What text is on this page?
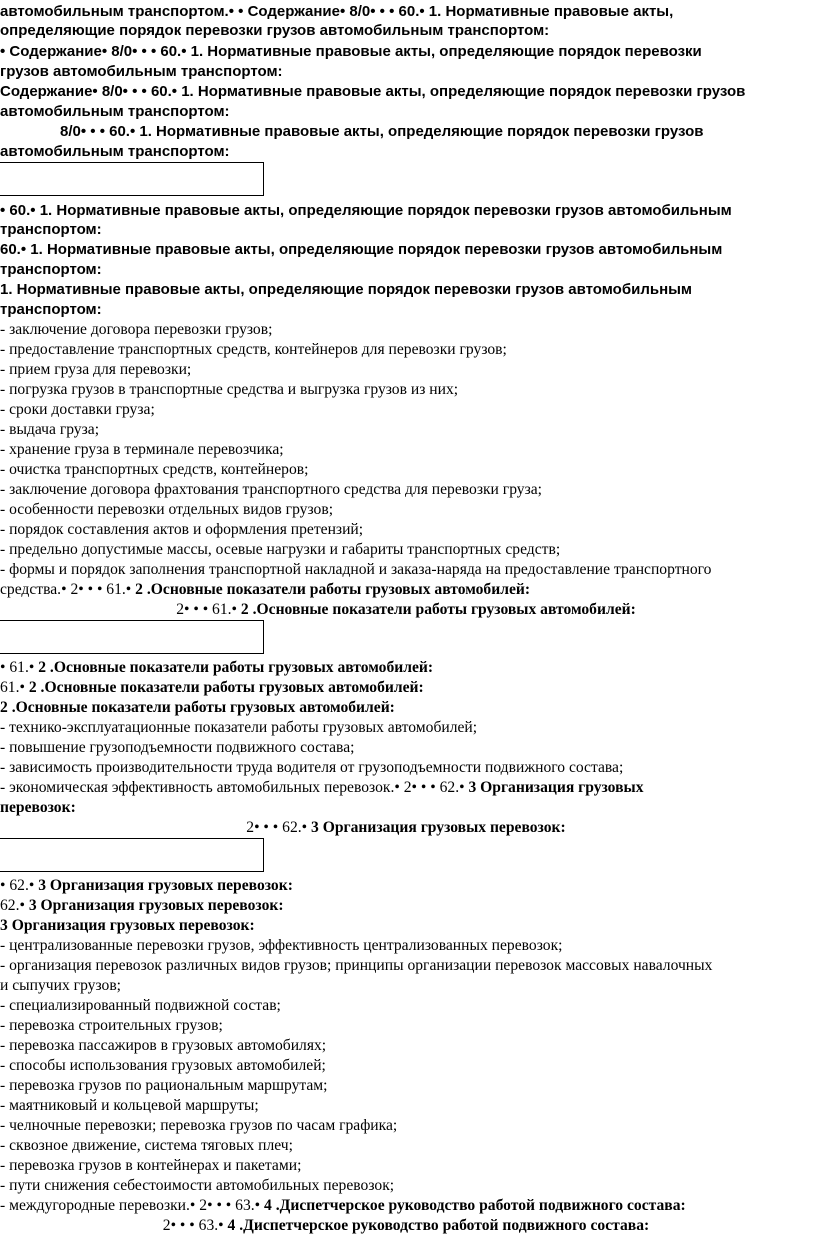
автомобильным транспортом.• • Содержание• 8/0• • • 60.• 1. Нормативные правовые акты,
определяющие порядок перевозки грузов автомобильным транспортом:
• Содержание• 8/0• • • 60.• 1. Нормативные правовые акты, определяющие порядок перевозки
грузов автомобильным транспортом:
Содержание• 8/0• • • 60.• 1. Нормативные правовые акты, определяющие порядок перевозки грузов
автомобильным транспортом:
8/0• • • 60.• 1. Нормативные правовые акты, определяющие порядок перевозки грузов
автомобильным транспортом:
• 60.• 1. Нормативные правовые акты, определяющие порядок перевозки грузов автомобильным
транспортом:
60.• 1. Нормативные правовые акты, определяющие порядок перевозки грузов автомобильным
транспортом:
1. Нормативные правовые акты, определяющие порядок перевозки грузов автомобильным
транспортом:
- заключение договора перевозки грузов;
- предоставление транспортных средств, контейнеров для перевозки грузов;
- прием груза для перевозки;
- погрузка грузов в транспортные средства и выгрузка грузов из них;
- сроки доставки груза;
- выдача груза;
- хранение груза в терминале перевозчика;
- очистка транспортных средств, контейнеров;
- заключение договора фрахтования транспортного средства для перевозки груза;
- особенности перевозки отдельных видов грузов;
- порядок составления актов и оформления претензий;
- предельно допустимые массы, осевые нагрузки и габариты транспортных средств;
- формы и порядок заполнения транспортной накладной и заказа-наряда на предоставление транспортного
средства.• 2• • • 61.• 2 .Основные показатели работы грузовых автомобилей:
2• • • 61.• 2 .Основные показатели работы грузовых автомобилей:
• 61.• 2 .Основные показатели работы грузовых автомобилей:
61.• 2 .Основные показатели работы грузовых автомобилей:
2 .Основные показатели работы грузовых автомобилей:
- технико-эксплуатационные показатели работы грузовых автомобилей;
- повышение грузоподъемности подвижного состава;
- зависимость производительности труда водителя от грузоподъемности подвижного состава;
- экономическая эффективность автомобильных перевозок.• 2• • • 62.• 3 Организация грузовых
перевозок:
2• • • 62.• 3 Организация грузовых перевозок:
• 62.• 3 Организация грузовых перевозок:
62.• 3 Организация грузовых перевозок:
3 Организация грузовых перевозок:
- централизованные перевозки грузов, эффективность централизованных перевозок;
- организация перевозок различных видов грузов; принципы организации перевозок массовых навалочных
и сыпучих грузов;
- специализированный подвижной состав;
- перевозка строительных грузов;
- перевозка пассажиров в грузовых автомобилях;
- способы использования грузовых автомобилей;
- перевозка грузов по рациональным маршрутам;
- маятниковый и кольцевой маршруты;
- челночные перевозки; перевозка грузов по часам графика;
- сквозное движение, система тяговых плеч;
- перевозка грузов в контейнерах и пакетами;
- пути снижения себестоимости автомобильных перевозок;
- междугородные перевозки.• 2• • • 63.• 4 .Диспетчерское руководство работой подвижного состава:
2• • • 63.• 4 .Диспетчерское руководство работой подвижного состава:
